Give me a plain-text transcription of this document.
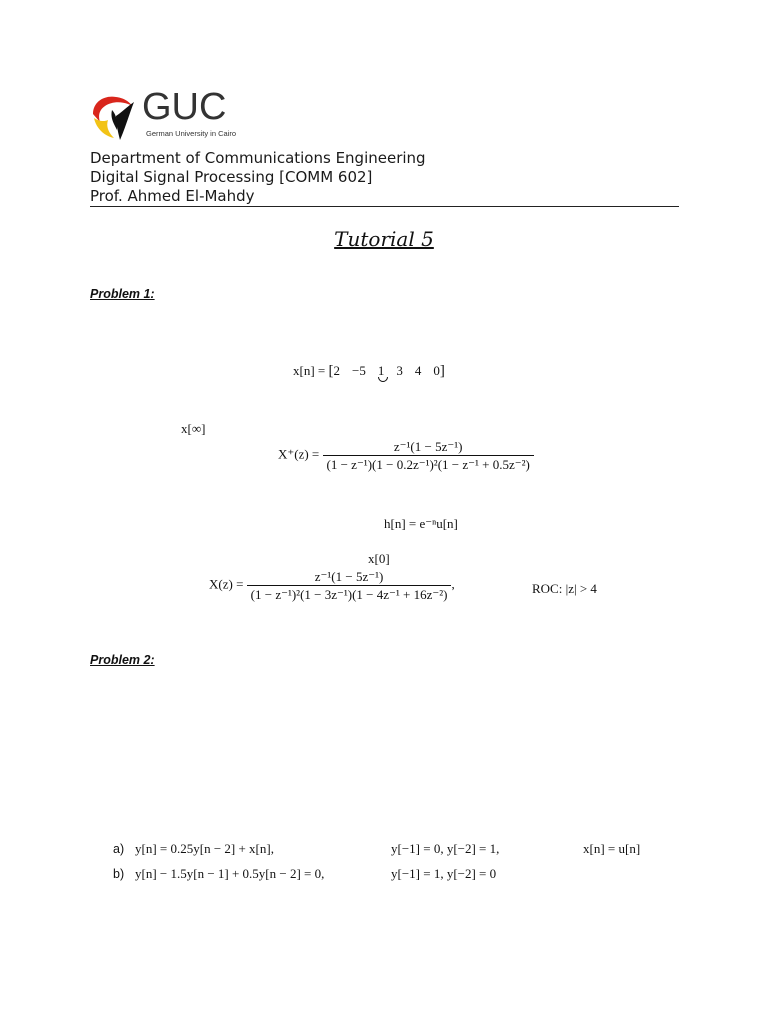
GUC
German University in Cairo
Department of Communications Engineering
Digital Signal Processing [COMM 602]
Prof. Ahmed El-Mahdy
Tutorial 5
Problem 1:
x[n] = [2 −5 1 3 4 0]
x[∞]
$X^+(z) = \frac{\text{z⁻¹(1 − 5z⁻¹)}}{\text{(1 − z⁻¹)(1 − 0.2z⁻¹)²(1 − z⁻¹ + 0.5z⁻²)}}$
h[n] = e⁻ⁿu[n]
x[0]
$X(z) = \frac{\text{z⁻¹(1 − 5z⁻¹)}}{\text{(1 − z⁻¹)²(1 − 3z⁻¹)(1 − 4z⁻¹ + 16z⁻²)}}$ ,	ROC: |z| > 4
Problem 2:
a) y[n] = 0.25y[n − 2] + x[n],	y[−1] = 0, y[−2] = 1,	x[n] = u[n]
b) y[n] − 1.5y[n − 1] + 0.5y[n − 2] = 0,	y[−1] = 1, y[−2] = 0
